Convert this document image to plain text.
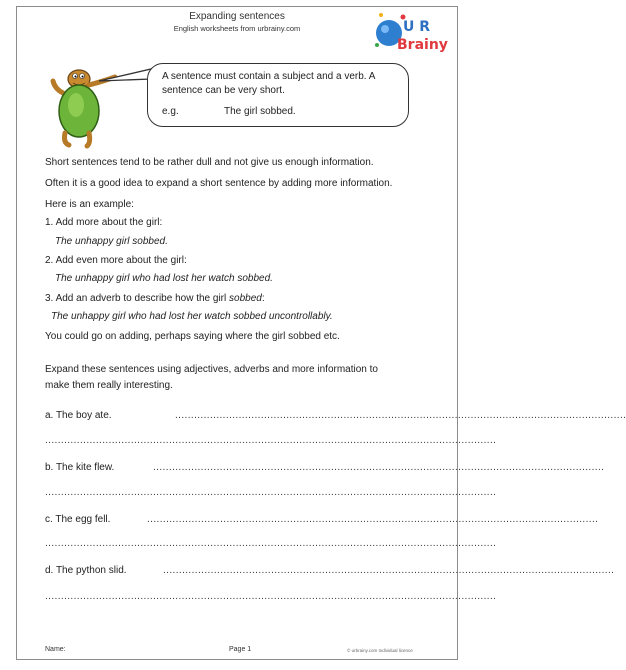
Expanding sentences
English worksheets from urbrainy.com	U R
Brainy
A sentence must contain a subject and a verb. A sentence can be very short.
e.g.	The girl sobbed.
Short sentences tend to be rather dull and not give us enough information.
Often it is a good idea to expand a short sentence by adding more information.
Here is an example:
1. Add more about the girl:
The unhappy girl sobbed.
2. Add even more about the girl:
The unhappy girl who had lost her watch sobbed.
3. Add an adverb to describe how the girl sobbed:
The unhappy girl who had lost her watch sobbed uncontrollably.
You could go on adding, perhaps saying where the girl sobbed etc.
Expand these sentences using adjectives, adverbs and more information to
make them really interesting.
a. The boy ate.	..............................................................................................................................................
..............................................................................................................................................
b. The kite flew.	..............................................................................................................................................
..............................................................................................................................................
c. The egg fell.	..............................................................................................................................................
..............................................................................................................................................
d. The python slid.	..............................................................................................................................................
..............................................................................................................................................
Name:	Page 1	© urbrainy.com Individual licence
